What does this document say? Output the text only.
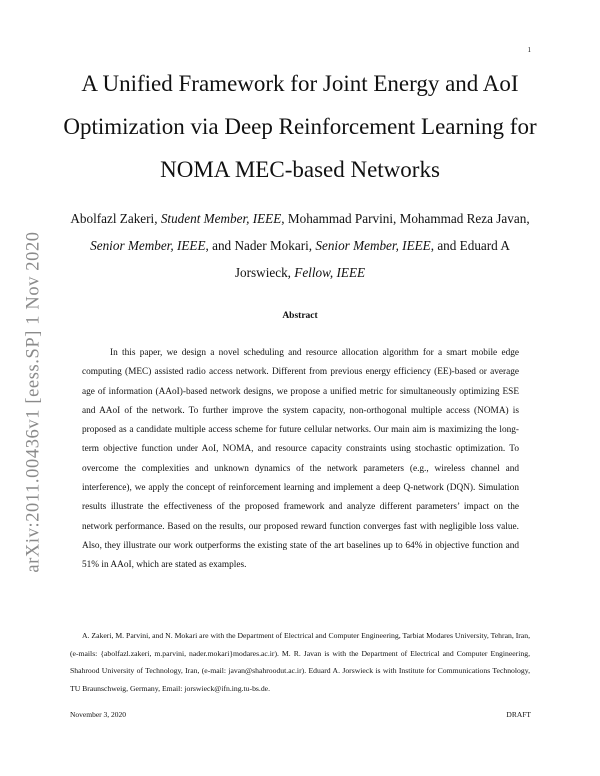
1
arXiv:2011.00436v1 [eess.SP] 1 Nov 2020
A Unified Framework for Joint Energy and AoI Optimization via Deep Reinforcement Learning for NOMA MEC-based Networks
Abolfazl Zakeri, Student Member, IEEE, Mohammad Parvini, Mohammad Reza Javan, Senior Member, IEEE, and Nader Mokari, Senior Member, IEEE, and Eduard A Jorswieck, Fellow, IEEE
Abstract
In this paper, we design a novel scheduling and resource allocation algorithm for a smart mobile edge computing (MEC) assisted radio access network. Different from previous energy efficiency (EE)-based or average age of information (AAoI)-based network designs, we propose a unified metric for simultaneously optimizing ESE and AAoI of the network. To further improve the system capacity, non-orthogonal multiple access (NOMA) is proposed as a candidate multiple access scheme for future cellular networks. Our main aim is maximizing the long-term objective function under AoI, NOMA, and resource capacity constraints using stochastic optimization. To overcome the complexities and unknown dynamics of the network parameters (e.g., wireless channel and interference), we apply the concept of reinforcement learning and implement a deep Q-network (DQN). Simulation results illustrate the effectiveness of the proposed framework and analyze different parameters’ impact on the network performance. Based on the results, our proposed reward function converges fast with negligible loss value. Also, they illustrate our work outperforms the existing state of the art baselines up to 64% in objective function and 51% in AAoI, which are stated as examples.
A. Zakeri, M. Parvini, and N. Mokari are with the Department of Electrical and Computer Engineering, Tarbiat Modares University, Tehran, Iran, (e-mails: {abolfazl.zakeri, m.parvini, nader.mokari}modares.ac.ir). M. R. Javan is with the Department of Electrical and Computer Engineering, Shahrood University of Technology, Iran, (e-mail: javan@shahroodut.ac.ir). Eduard A. Jorswieck is with Institute for Communications Technology, TU Braunschweig, Germany, Email: jorswieck@ifn.ing.tu-bs.de.
November 3, 2020	DRAFT
